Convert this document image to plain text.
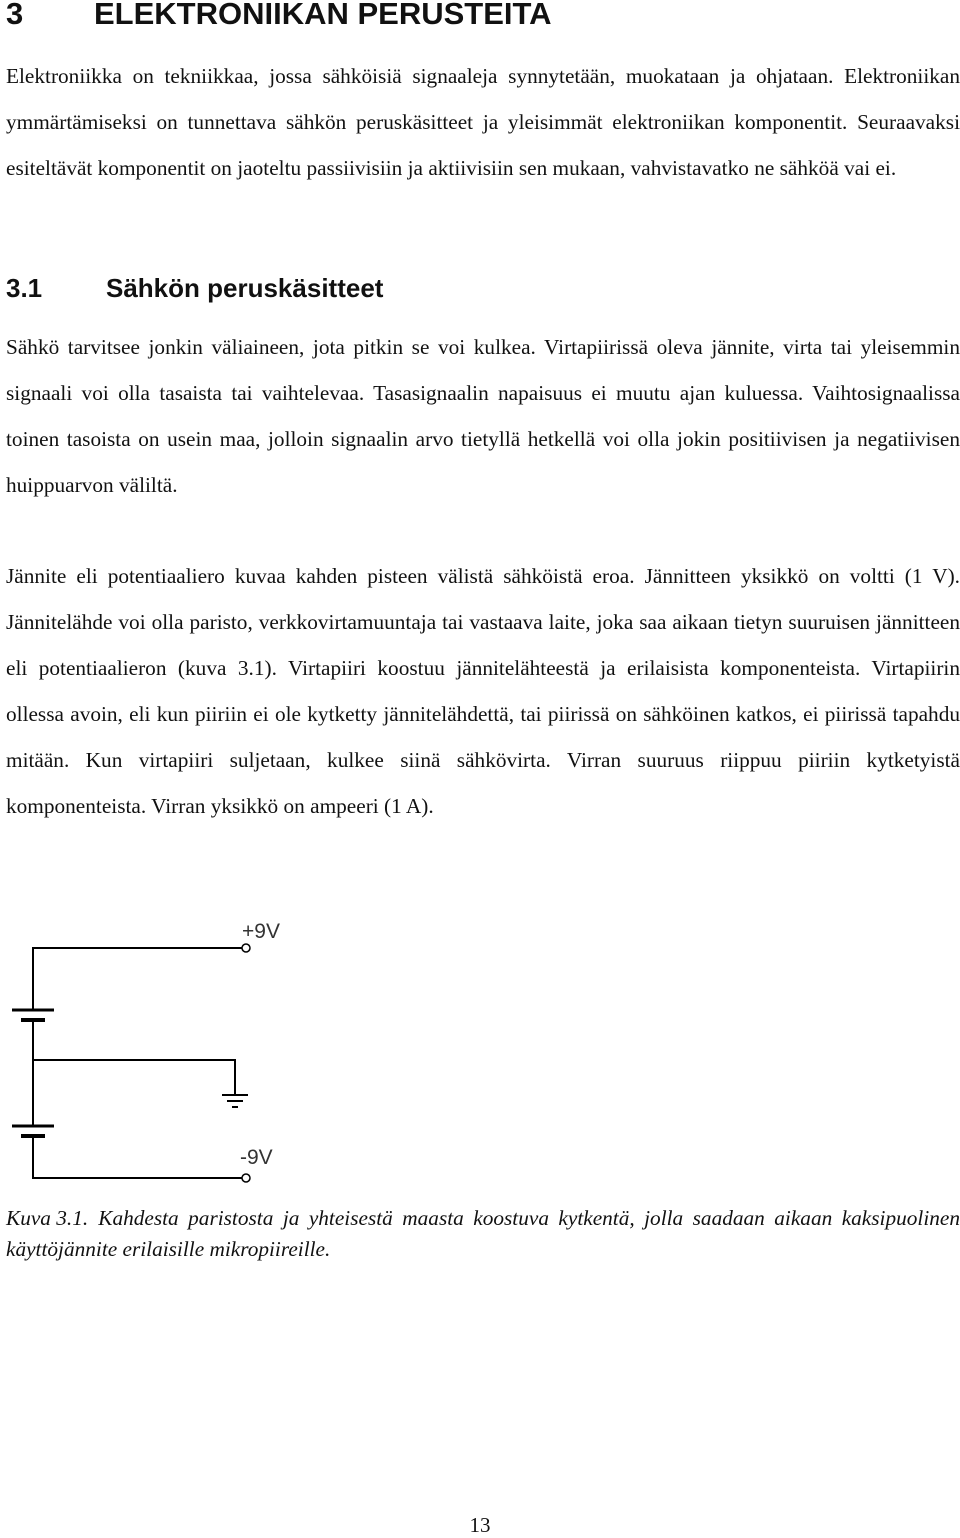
3 ELEKTRONIIKAN PERUSTEITA

Elektroniikka on tekniikkaa, jossa sähköisiä signaaleja synnytetään, muokataan ja ohjataan. Elektroniikan ymmärtämiseksi on tunnettava sähkön peruskäsitteet ja yleisimmät elektroniikan komponentit. Seuraavaksi esiteltävät komponentit on jaoteltu passiivisiin ja aktiivisiin sen mukaan, vahvistavatko ne sähköä vai ei.

3.1 Sähkön peruskäsitteet

Sähkö tarvitsee jonkin väliaineen, jota pitkin se voi kulkea. Virtapiirissä oleva jännite, virta tai yleisemmin signaali voi olla tasaista tai vaihtelevaa. Tasasignaalin napaisuus ei muutu ajan kuluessa. Vaihtosignaalissa toinen tasoista on usein maa, jolloin signaalin arvo tietyllä hetkellä voi olla jokin positiivisen ja negatiivisen huippuarvon väliltä.

Jännite eli potentiaaliero kuvaa kahden pisteen välistä sähköistä eroa. Jännitteen yksikkö on voltti (1 V). Jännitelähde voi olla paristo, verkkovirtamuuntaja tai vastaava laite, joka saa aikaan tietyn suuruisen jännitteen eli potentiaalieron (kuva 3.1). Virtapiiri koostuu jännitelähteestä ja erilaisista komponenteista. Virtapiirin ollessa avoin, eli kun piiriin ei ole kytketty jännitelähdettä, tai piirissä on sähköinen katkos, ei piirissä tapahdu mitään. Kun virtapiiri suljetaan, kulkee siinä sähkövirta. Virran suuruus riippuu piiriin kytketyistä komponenteista. Virran yksikkö on ampeeri (1 A).

+9V
-9V

Kuva 3.1. Kahdesta paristosta ja yhteisestä maasta koostuva kytkentä, jolla saadaan aikaan kaksipuolinen käyttöjännite erilaisille mikropiireille.

13
